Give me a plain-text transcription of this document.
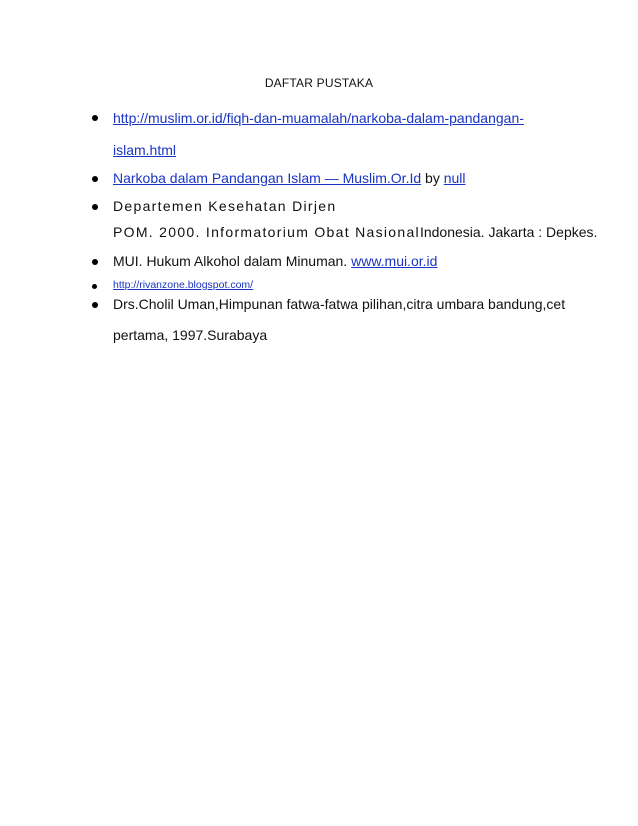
DAFTAR PUSTAKA
http://muslim.or.id/fiqh-dan-muamalah/narkoba-dalam-pandangan-
islam.html
Narkoba dalam Pandangan Islam — Muslim.Or.Id by null
Departemen Kesehatan Dirjen
POM. 2000. Informatorium Obat NasionalIndonesia. Jakarta : Depkes.
MUI. Hukum Alkohol dalam Minuman. www.mui.or.id
http://rivanzone.blogspot.com/
Drs.Cholil Uman,Himpunan fatwa-fatwa pilihan,citra umbara bandung,cet
pertama, 1997.Surabaya
